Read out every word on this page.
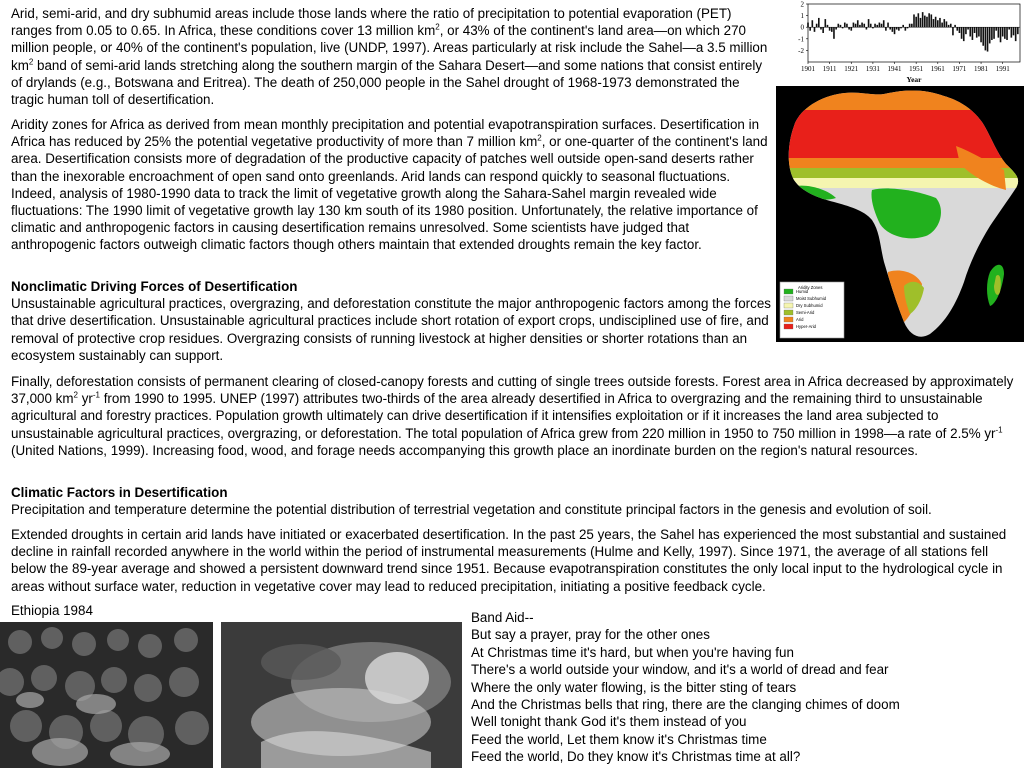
Arid, semi-arid, and dry subhumid areas include those lands where the ratio of precipitation to potential evaporation (PET) ranges from 0.05 to 0.65. In Africa, these conditions cover 13 million $km^2$, or 43% of the continent's land area—on which 270 million people, or 40% of the continent's population, live (UNDP, 1997). Areas particularly at risk include the Sahel—a 3.5 million $km^2$ band of semi-arid lands stretching along the southern margin of the Sahara Desert—and some nations that consist entirely of drylands (e.g., Botswana and Eritrea). The death of 250,000 people in the Sahel drought of 1968-1973 demonstrated the tragic human toll of desertification.

Aridity zones for Africa as derived from mean monthly precipitation and potential evapotranspiration surfaces. Desertification in Africa has reduced by 25% the potential vegetative productivity of more than 7 million $km^2$, or one-quarter of the continent's land area. Desertification consists more of degradation of the productive capacity of patches well outside open-sand deserts rather than the inexorable encroachment of open sand onto greenlands. Arid lands can respond quickly to seasonal fluctuations. Indeed, analysis of 1980-1990 data to track the limit of vegetative growth along the Sahara-Sahel margin revealed wide fluctuations: The 1990 limit of vegetative growth lay 130 km south of its 1980 position. Unfortunately, the relative importance of climatic and anthropogenic factors in causing desertification remains unresolved. Some scientists have judged that anthropogenic factors outweigh climatic factors though others maintain that extended droughts remain the key factor.

Nonclimatic Driving Forces of Desertification
Unsustainable agricultural practices, overgrazing, and deforestation constitute the major anthropogenic factors among the forces that drive desertification. Unsustainable agricultural practices include short rotation of export crops, undisciplined use of fire, and removal of protective crop residues. Overgrazing consists of running livestock at higher densities or shorter rotations than an ecosystem sustainably can support.

Finally, deforestation consists of permanent clearing of closed-canopy forests and cutting of single trees outside forests. Forest area in Africa decreased by approximately 37,000 $km^2$ $yr^{-1}$ from 1990 to 1995. UNEP (1997) attributes two-thirds of the area already desertified in Africa to overgrazing and the remaining third to unsustainable agricultural and forestry practices. Population growth ultimately can drive desertification if it intensifies exploitation or if it increases the land area subjected to unsustainable agricultural practices, overgrazing, or deforestation. The total population of Africa grew from 220 million in 1950 to 750 million in 1998—a rate of 2.5% $yr^{-1}$ (United Nations, 1999). Increasing food, wood, and forage needs accompanying this growth place an inordinate burden on the region's natural resources.

Climatic Factors in Desertification
Precipitation and temperature determine the potential distribution of terrestrial vegetation and constitute principal factors in the genesis and evolution of soil.

Extended droughts in certain arid lands have initiated or exacerbated desertification. In the past 25 years, the Sahel has experienced the most substantial and sustained decline in rainfall recorded anywhere in the world within the period of instrumental measurements (Hulme and Kelly, 1997). Since 1971, the average of all stations fell below the 89-year average and showed a persistent downward trend since 1951. Because evapotranspiration constitutes the only local input to the hydrological cycle in areas without surface water, reduction in vegetative cover may lead to reduced precipitation, initiating a positive feedback cycle.

Ethiopia 1984

2
1
0
-1
-2
1901 1911 1921 1931 1941 1951 1961 1971 1981 1991
Year
Aridity Zones
Humid
Moist Subhumid
Dry Subhumid
Semi-Arid
Arid
Hyper-Arid
Band Aid--
But say a prayer, pray for the other ones
At Christmas time it's hard, but when you're having fun
There's a world outside your window, and it's a world of dread and fear
Where the only water flowing, is the bitter sting of tears
And the Christmas bells that ring, there are the clanging chimes of doom
Well tonight thank God it's them instead of you
Feed the world, Let them know it's Christmas time
Feed the world, Do they know it's Christmas time at all?
